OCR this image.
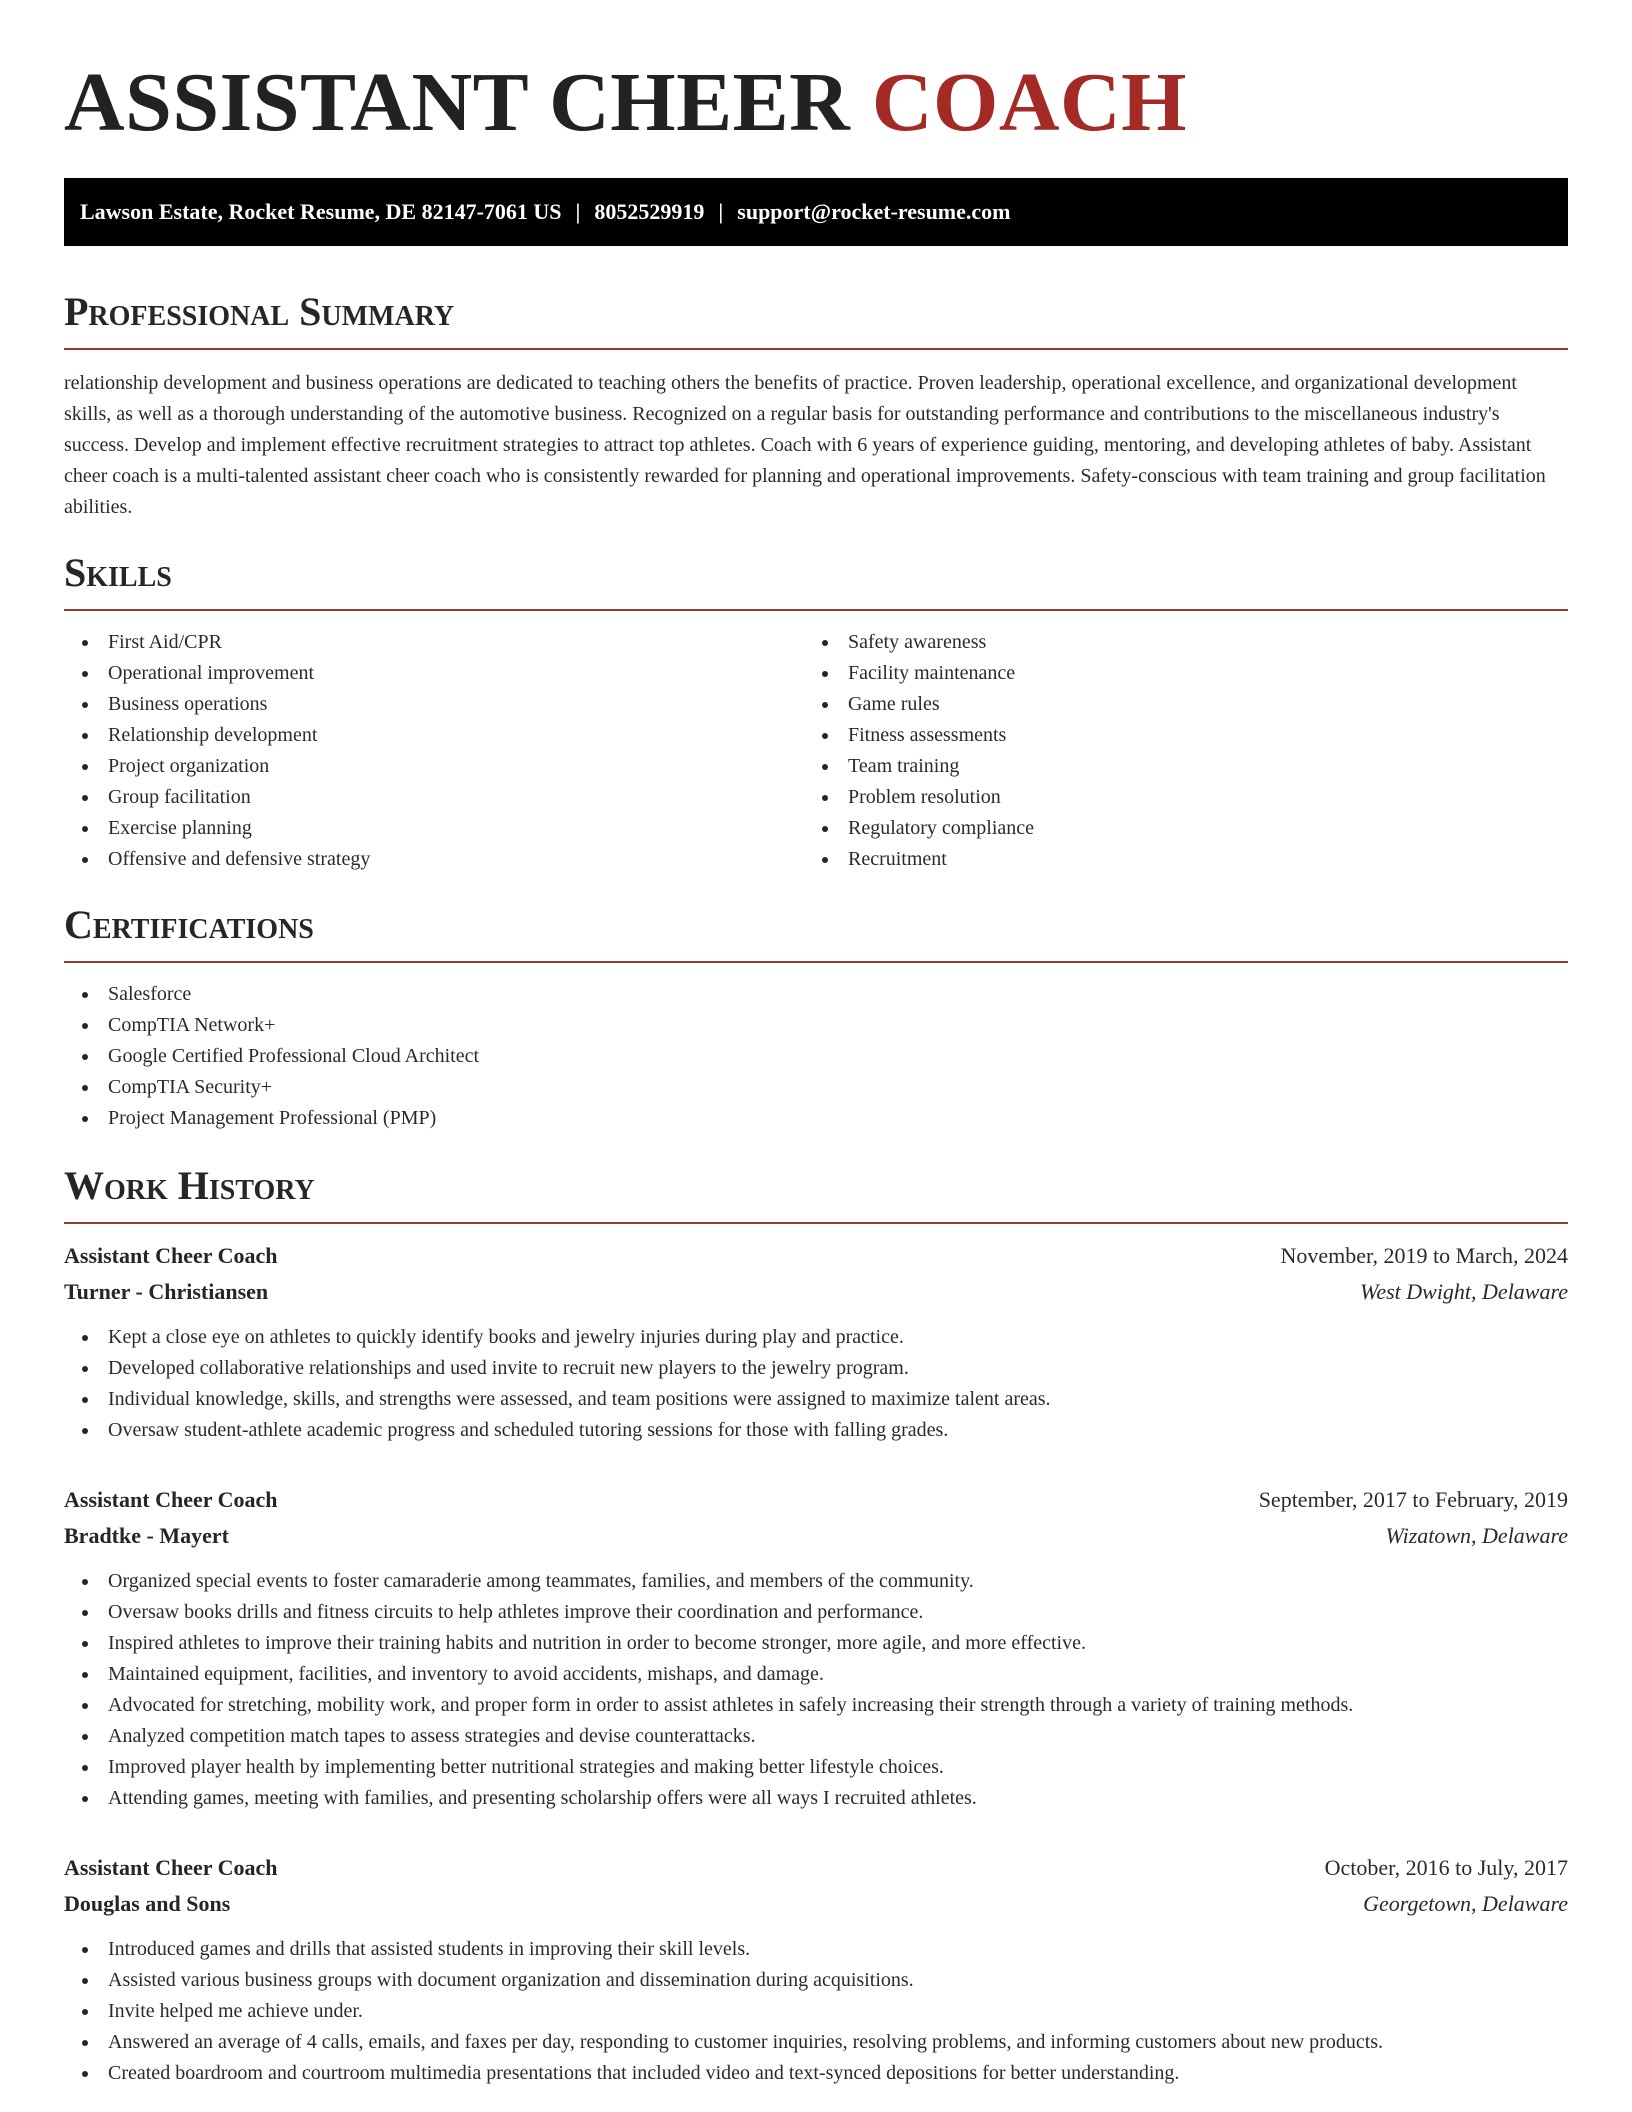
ASSISTANT CHEER COACH
Lawson Estate, Rocket Resume, DE 82147-7061 US | 8052529919 | support@rocket-resume.com
Professional Summary

relationship development and business operations are dedicated to teaching others the benefits of practice. Proven leadership, operational excellence, and organizational development skills, as well as a thorough understanding of the automotive business. Recognized on a regular basis for outstanding performance and contributions to the miscellaneous industry's success. Develop and implement effective recruitment strategies to attract top athletes. Coach with 6 years of experience guiding, mentoring, and developing athletes of baby. Assistant cheer coach is a multi-talented assistant cheer coach who is consistently rewarded for planning and operational improvements. Safety-conscious with team training and group facilitation abilities.

Skills
First Aid/CPR
Operational improvement
Business operations
Relationship development
Project organization
Group facilitation
Exercise planning
Offensive and defensive strategy
Safety awareness
Facility maintenance
Game rules
Fitness assessments
Team training
Problem resolution
Regulatory compliance
Recruitment
Certifications
Salesforce
CompTIA Network+
Google Certified Professional Cloud Architect
CompTIA Security+
Project Management Professional (PMP)
Work History
Assistant Cheer Coach	November, 2019 to March, 2024
Turner - Christiansen	West Dwight, Delaware
Kept a close eye on athletes to quickly identify books and jewelry injuries during play and practice.
Developed collaborative relationships and used invite to recruit new players to the jewelry program.
Individual knowledge, skills, and strengths were assessed, and team positions were assigned to maximize talent areas.
Oversaw student-athlete academic progress and scheduled tutoring sessions for those with falling grades.
Assistant Cheer Coach	September, 2017 to February, 2019
Bradtke - Mayert	Wizatown, Delaware
Organized special events to foster camaraderie among teammates, families, and members of the community.
Oversaw books drills and fitness circuits to help athletes improve their coordination and performance.
Inspired athletes to improve their training habits and nutrition in order to become stronger, more agile, and more effective.
Maintained equipment, facilities, and inventory to avoid accidents, mishaps, and damage.
Advocated for stretching, mobility work, and proper form in order to assist athletes in safely increasing their strength through a variety of training methods.
Analyzed competition match tapes to assess strategies and devise counterattacks.
Improved player health by implementing better nutritional strategies and making better lifestyle choices.
Attending games, meeting with families, and presenting scholarship offers were all ways I recruited athletes.
Assistant Cheer Coach	October, 2016 to July, 2017
Douglas and Sons	Georgetown, Delaware
Introduced games and drills that assisted students in improving their skill levels.
Assisted various business groups with document organization and dissemination during acquisitions.
Invite helped me achieve under.
Answered an average of 4 calls, emails, and faxes per day, responding to customer inquiries, resolving problems, and informing customers about new products.
Created boardroom and courtroom multimedia presentations that included video and text-synced depositions for better understanding.
